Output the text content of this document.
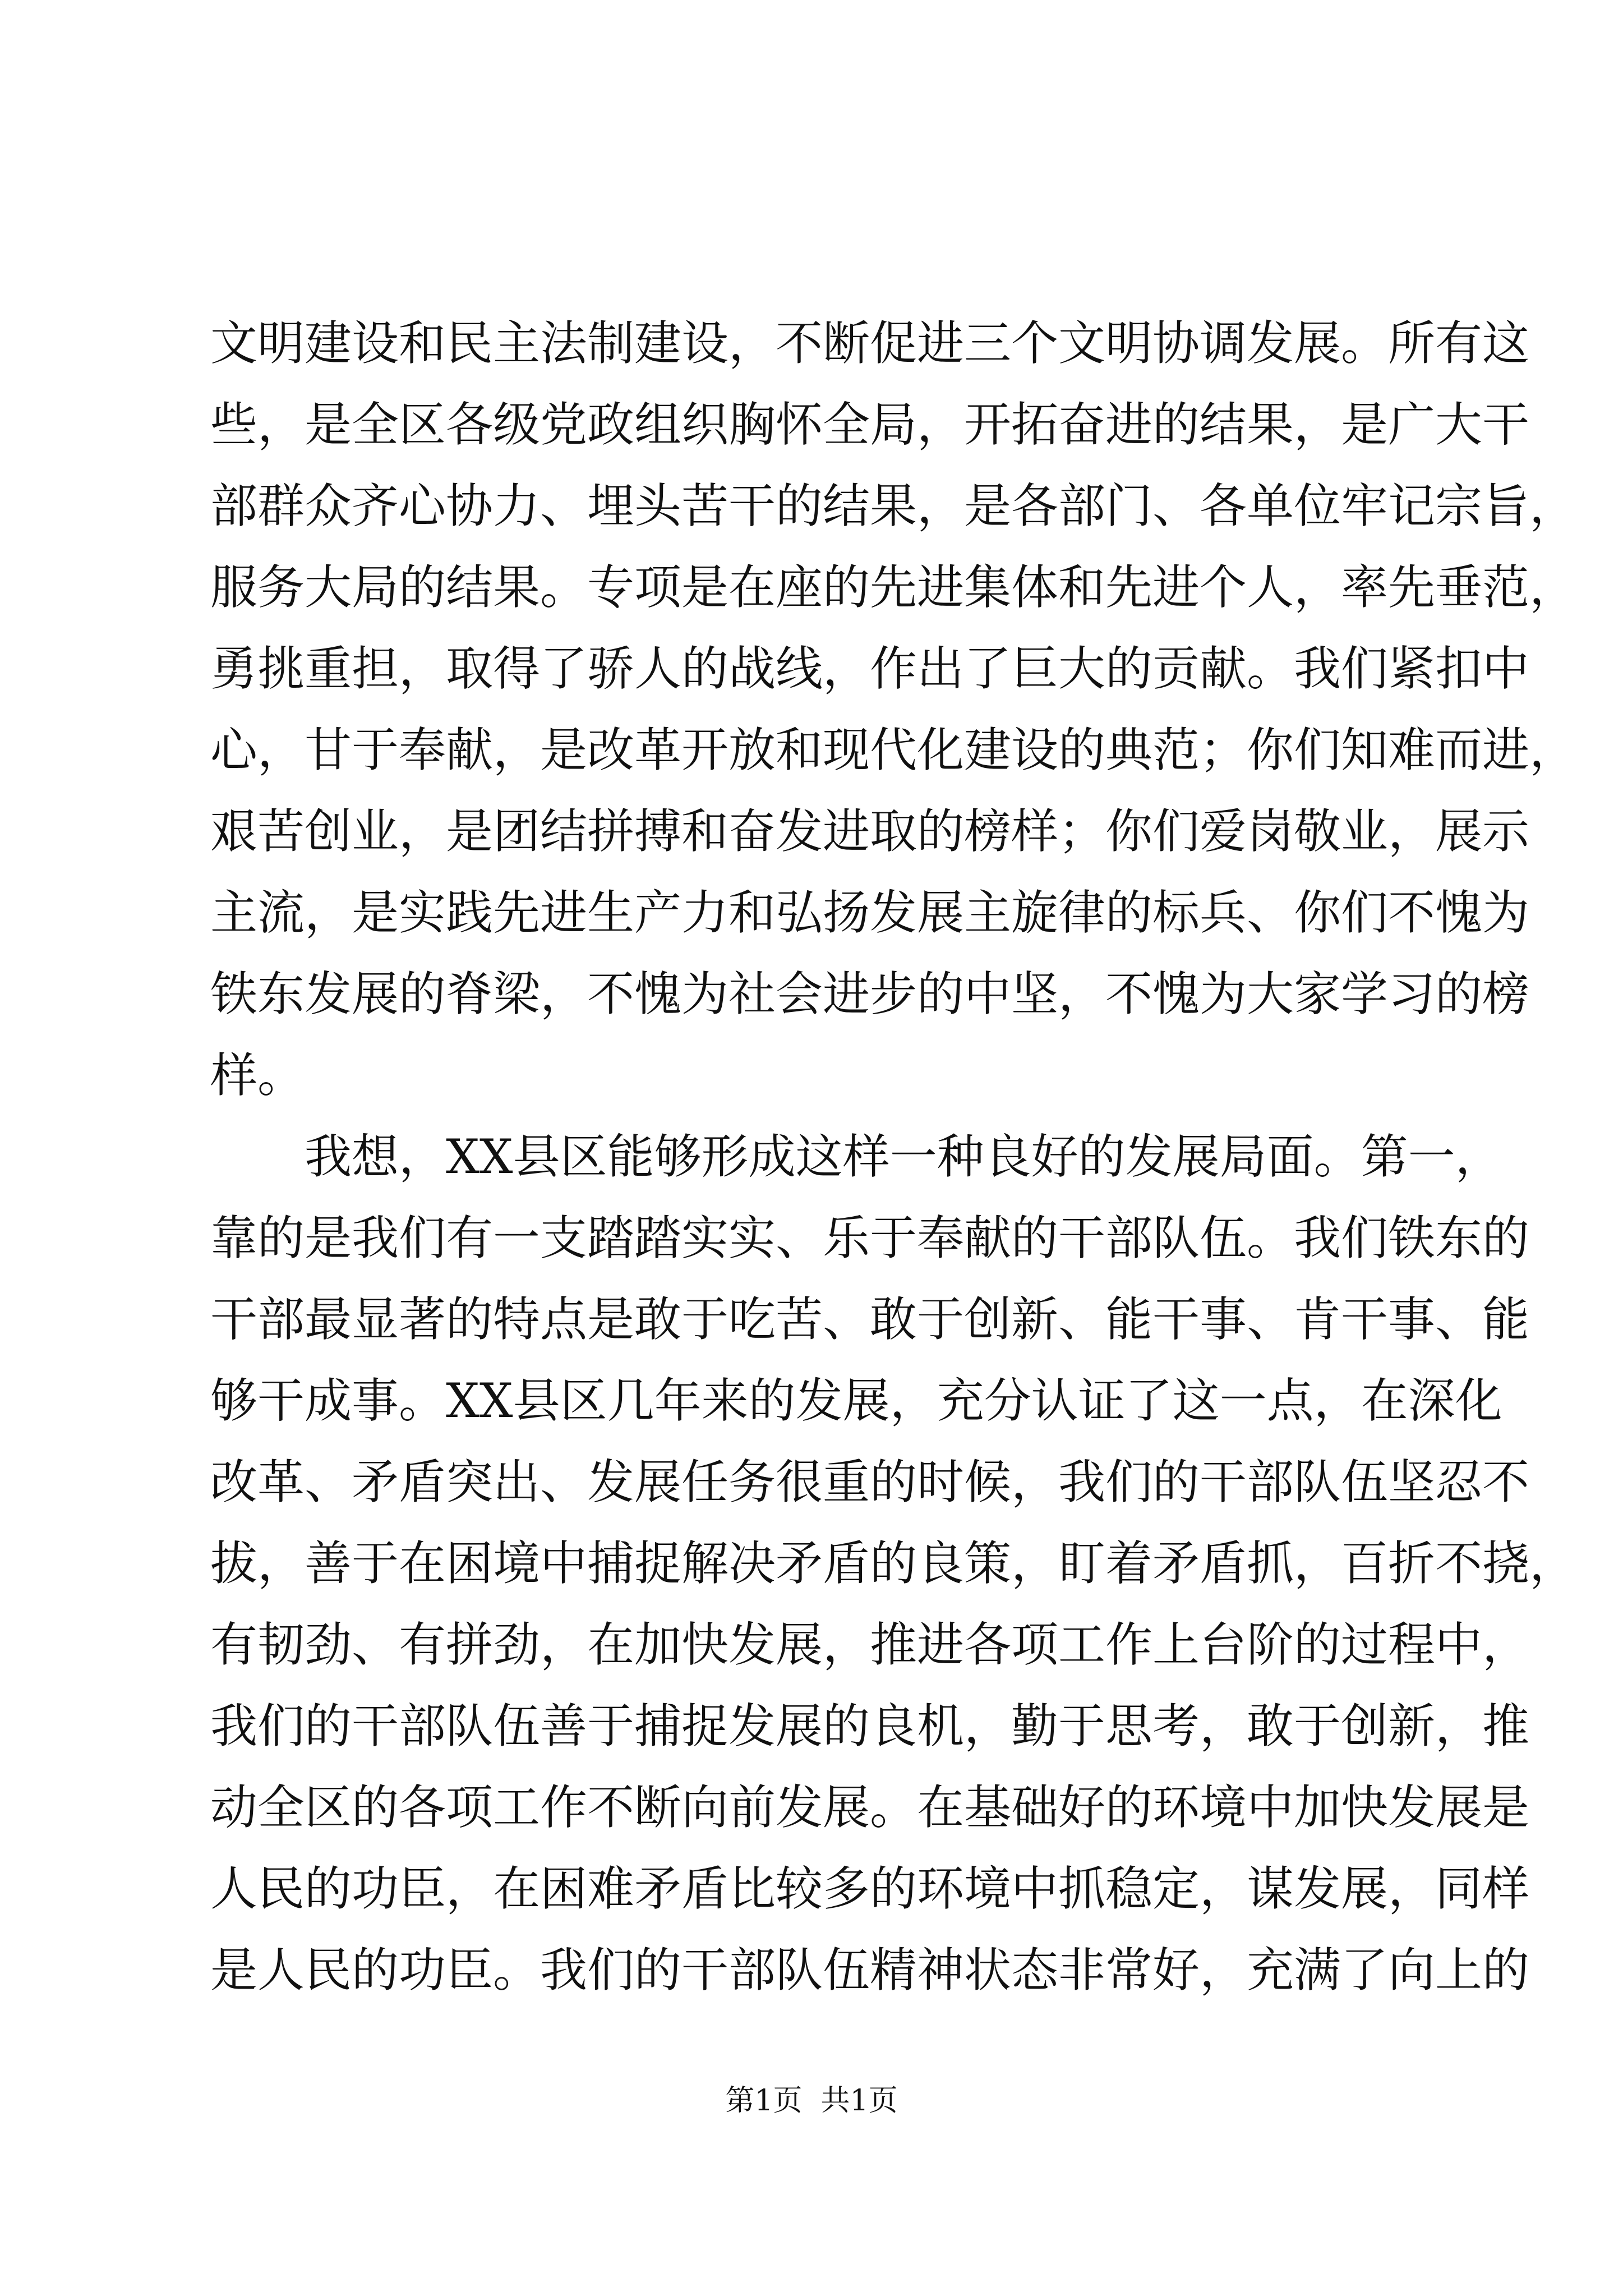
文明建设和民主法制建设，不断促进三个文明协调发展。所有这
些，是全区各级党政组织胸怀全局，开拓奋进的结果，是广大干
部群众齐心协力、埋头苦干的结果，是各部门、各单位牢记宗旨，
服务大局的结果。专项是在座的先进集体和先进个人，率先垂范，
勇挑重担，取得了骄人的战线，作出了巨大的贡献。我们紧扣中
心，甘于奉献，是改革开放和现代化建设的典范；你们知难而进，
艰苦创业，是团结拼搏和奋发进取的榜样；你们爱岗敬业，展示
主流，是实践先进生产力和弘扬发展主旋律的标兵、你们不愧为
铁东发展的脊梁，不愧为社会进步的中坚，不愧为大家学习的榜
样。
我想，XX县区能够形成这样一种良好的发展局面。第一，
靠的是我们有一支踏踏实实、乐于奉献的干部队伍。我们铁东的
干部最显著的特点是敢于吃苦、敢于创新、能干事、肯干事、能
够干成事。XX县区几年来的发展，充分认证了这一点，在深化
改革、矛盾突出、发展任务很重的时候，我们的干部队伍坚忍不
拔，善于在困境中捕捉解决矛盾的良策，盯着矛盾抓，百折不挠，
有韧劲、有拼劲，在加快发展，推进各项工作上台阶的过程中，
我们的干部队伍善于捕捉发展的良机，勤于思考，敢于创新，推
动全区的各项工作不断向前发展。在基础好的环境中加快发展是
人民的功臣，在困难矛盾比较多的环境中抓稳定，谋发展，同样
是人民的功臣。我们的干部队伍精神状态非常好，充满了向上的
第1页  共1页
